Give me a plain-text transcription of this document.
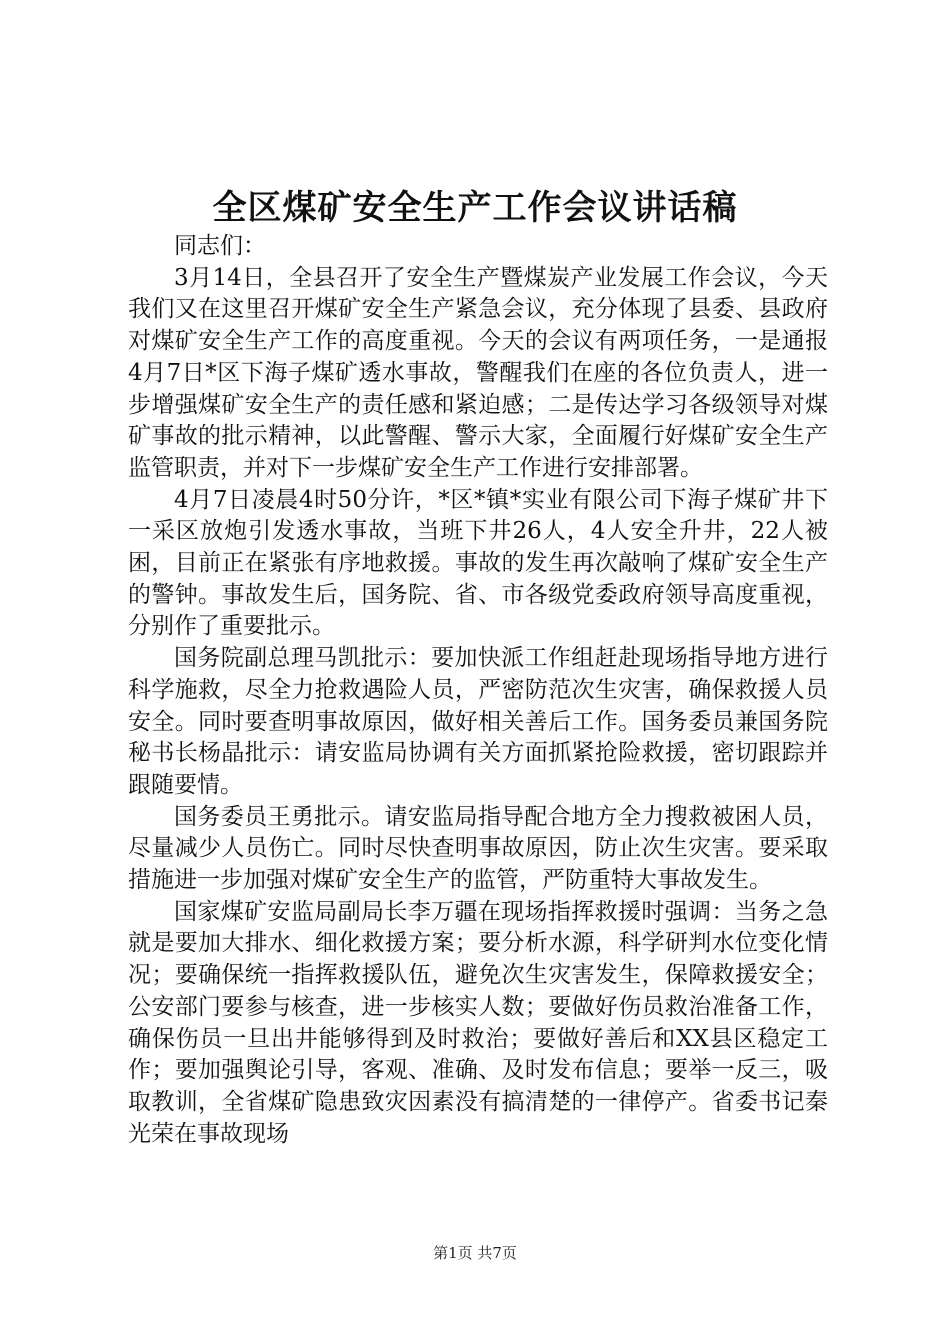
全区煤矿安全生产工作会议讲话稿

同志们：

3月14日，全县召开了安全生产暨煤炭产业发展工作会议，今天我们又在这里召开煤矿安全生产紧急会议，充分体现了县委、县政府对煤矿安全生产工作的高度重视。今天的会议有两项任务，一是通报4月7日*区下海子煤矿透水事故，警醒我们在座的各位负责人，进一步增强煤矿安全生产的责任感和紧迫感；二是传达学习各级领导对煤矿事故的批示精神，以此警醒、警示大家，全面履行好煤矿安全生产监管职责，并对下一步煤矿安全生产工作进行安排部署。

4月7日凌晨4时50分许，*区*镇*实业有限公司下海子煤矿井下一采区放炮引发透水事故，当班下井26人，4人安全升井，22人被困，目前正在紧张有序地救援。事故的发生再次敲响了煤矿安全生产的警钟。事故发生后，国务院、省、市各级党委政府领导高度重视，分别作了重要批示。

国务院副总理马凯批示：要加快派工作组赶赴现场指导地方进行科学施救，尽全力抢救遇险人员，严密防范次生灾害，确保救援人员安全。同时要查明事故原因，做好相关善后工作。国务委员兼国务院秘书长杨晶批示：请安监局协调有关方面抓紧抢险救援，密切跟踪并跟随要情。

国务委员王勇批示。请安监局指导配合地方全力搜救被困人员，尽量减少人员伤亡。同时尽快查明事故原因，防止次生灾害。要采取措施进一步加强对煤矿安全生产的监管，严防重特大事故发生。

国家煤矿安监局副局长李万疆在现场指挥救援时强调：当务之急就是要加大排水、细化救援方案；要分析水源，科学研判水位变化情况；要确保统一指挥救援队伍，避免次生灾害发生，保障救援安全；公安部门要参与核查，进一步核实人数；要做好伤员救治准备工作，确保伤员一旦出井能够得到及时救治；要做好善后和XX县区稳定工作；要加强舆论引导，客观、准确、及时发布信息；要举一反三，吸取教训，全省煤矿隐患致灾因素没有搞清楚的一律停产。省委书记秦光荣在事故现场

第1页 共7页
